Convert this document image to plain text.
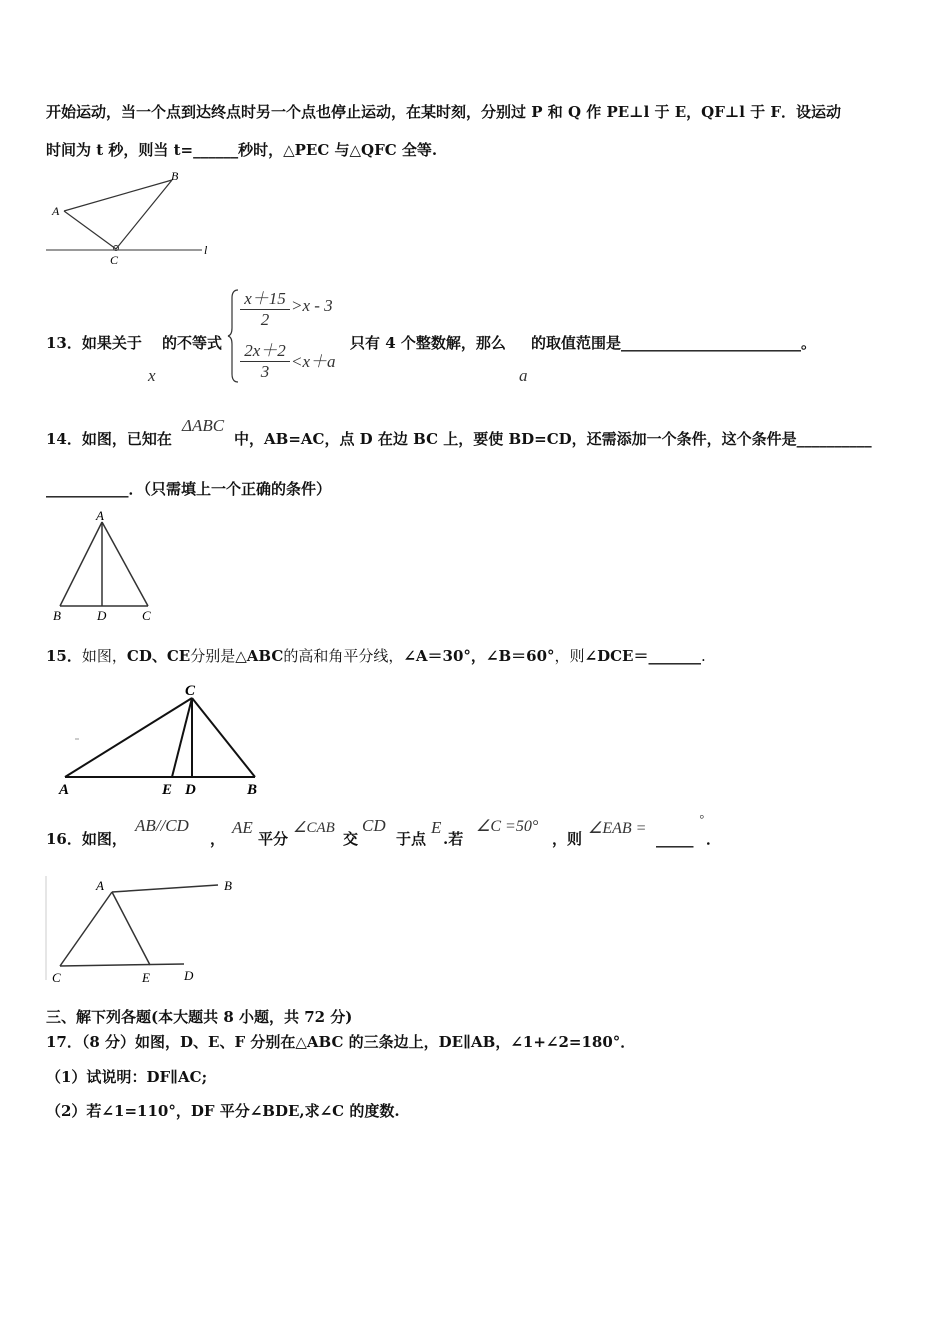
开始运动，当一个点到达终点时另一个点也停止运动，在某时刻，分别过 P 和 Q 作 PE⊥l 于 E，QF⊥l 于 F．设运动
时间为 t 秒，则当 t=______秒时，△PEC 与△QFC 全等.
A
B
C
l
13．如果关于 的不等式
x
$\frac{x+15}{2} >x - 3$
$\frac{2x+2}{3} <x+a$
只有 4 个整数解，那么
a
的取值范围是________________________。
14．如图，已知在
ΔABC
中，AB=AC，点 D 在边 BC 上，要使 BD=CD，还需添加一个条件，这个条件是__________
___________．（只需填上一个正确的条件）
A
B	D	C
15．如图，CD、CE分别是△ABC的高和角平分线，∠A＝30°，∠B＝60°，则∠DCE＝_______.
C
A	E D	B
16．如图，
AB//CD
，
AE
平分
∠CAB
交
CD
于点
E
.若
∠C =50°
，则
∠EAB =
_____
°
．
A	B
C	E	D
三、解下列各题(本大题共 8 小题，共 72 分)
17．（8 分）如图，D、E、F 分别在△ABC 的三条边上，DE∥AB，∠1+∠2=180°．
（1）试说明：DF∥AC;
（2）若∠1=110°，DF 平分∠BDE,求∠C 的度数.
